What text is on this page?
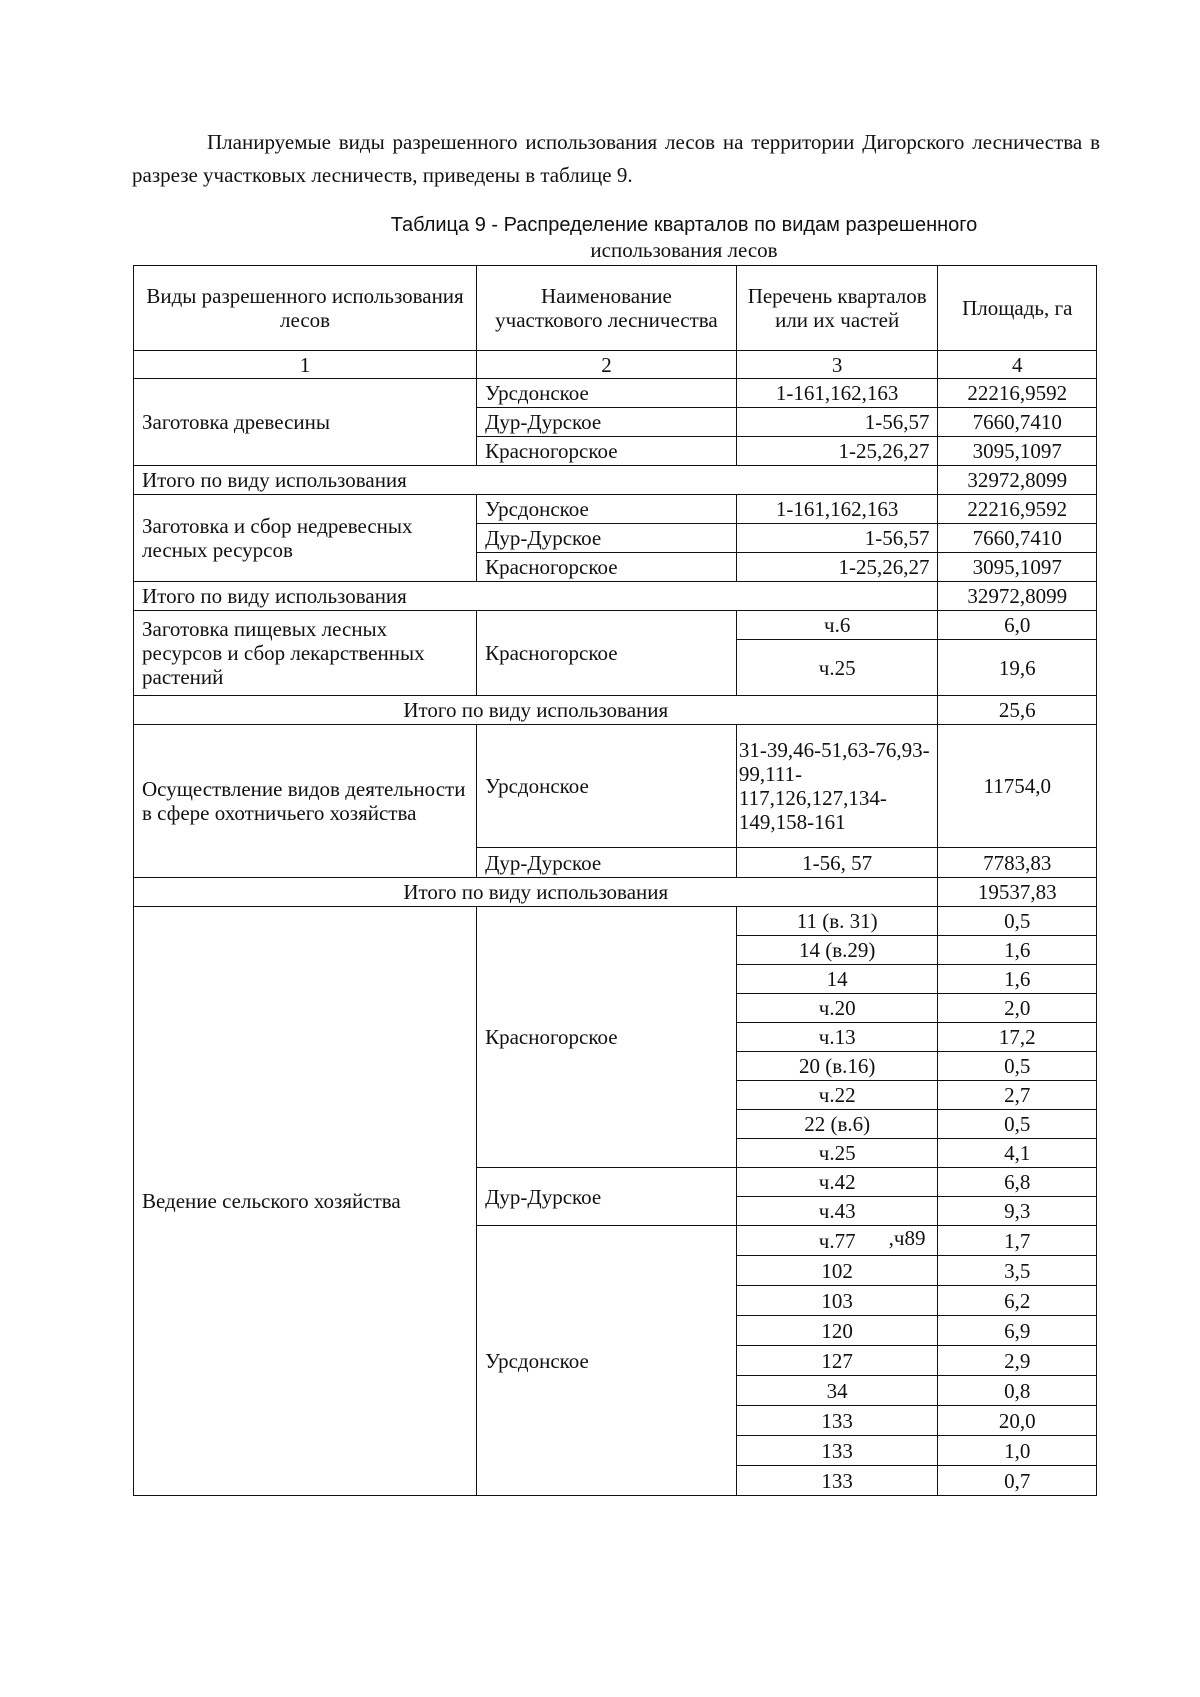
Планируемые виды разрешенного использования лесов на территории Дигорского лесничества в разрезе участковых лесничеств, приведены в таблице 9.

Таблица 9 - Распределение кварталов по видам разрешенного
использования лесов

Виды разрешенного использования лесов	Наименование участкового лесничества	Перечень кварталов или их частей	Площадь, га
1	2	3	4
Заготовка древесины	Урсдонское	1-161,162,163	22216,9592
	Дур-Дурское	1-56,57	7660,7410
	Красногорское	1-25,26,27	3095,1097
Итого по виду использования			32972,8099
Заготовка и сбор недревесных лесных ресурсов	Урсдонское	1-161,162,163	22216,9592
	Дур-Дурское	1-56,57	7660,7410
	Красногорское	1-25,26,27	3095,1097
Итого по виду использования			32972,8099
Заготовка пищевых лесных ресурсов и сбор лекарственных растений	Красногорское	ч.6	6,0
		ч.25	19,6
Итого по виду использования			25,6
Осуществление видов деятельности в сфере охотничьего хозяйства	Урсдонское	31-39,46-51,63-76,93-99,111-117,126,127,134-149,158-161	11754,0
	Дур-Дурское	1-56, 57	7783,83
Итого по виду использования			19537,83
Ведение сельского хозяйства	Красногорское	11 (в. 31)	0,5
		14 (в.29)	1,6
		14	1,6
		ч.20	2,0
		ч.13	17,2
		20 (в.16)	0,5
		ч.22	2,7
		22 (в.6)	0,5
		ч.25	4,1
	Дур-Дурское	ч.42	6,8
		ч.43	9,3
	Урсдонское	ч.77 ,ч89	1,7
		102	3,5
		103	6,2
		120	6,9
		127	2,9
		34	0,8
		133	20,0
		133	1,0
		133	0,7
